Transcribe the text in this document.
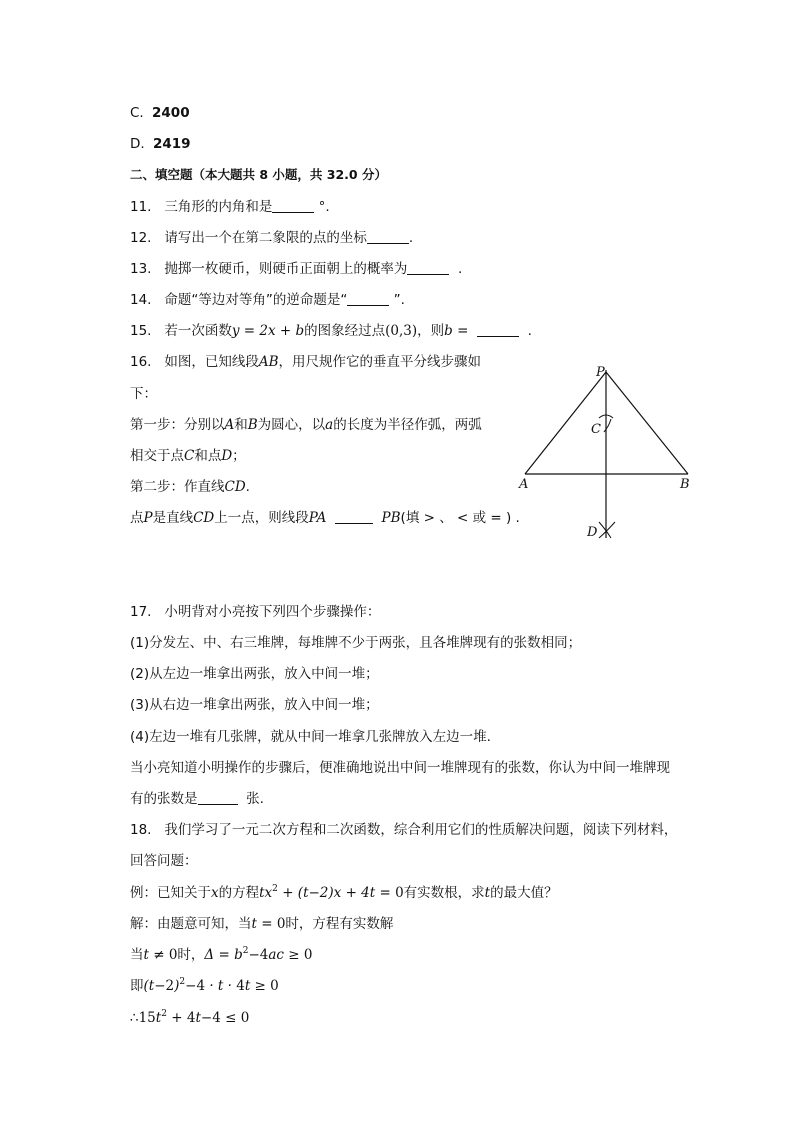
C. 2400
D. 2419
二、填空题（本大题共 8 小题，共 32.0 分）
11. 三角形的内角和是	°.
12. 请写出一个在第二象限的点的坐标	.
13. 抛掷一枚硬币，则硬币正面朝上的概率为	.
14. 命题“等边对等角”的逆命题是“	”.
15. 若一次函数y = 2x + b的图象经过点(0,3)，则b =	.
16. 如图，已知线段AB，用尺规作它的垂直平分线步骤如
下：
第一步：分别以A和B为圆心，以a的长度为半径作弧，两弧
相交于点C和点D；
第二步：作直线CD.
点P是直线CD上一点，则线段PA	PB(填 > 、 < 或 = ) .
P
C
A	B
D
17. 小明背对小亮按下列四个步骤操作：
(1)分发左、中、右三堆牌，每堆牌不少于两张，且各堆牌现有的张数相同；
(2)从左边一堆拿出两张，放入中间一堆；
(3)从右边一堆拿出两张，放入中间一堆；
(4)左边一堆有几张牌，就从中间一堆拿几张牌放入左边一堆.
当小亮知道小明操作的步骤后，便准确地说出中间一堆牌现有的张数，你认为中间一堆牌现
有的张数是	张.
18. 我们学习了一元二次方程和二次函数，综合利用它们的性质解决问题，阅读下列材料，
回答问题：
例：已知关于x的方程$tx^2 + (t-2)x + 4t = 0$有实数根，求t的最大值？
解：由题意可知，当t = 0时，方程有实数解
当t ≠ 0时，$\Delta = b^2-4ac \ge 0$
即$(t-2)^2-4 \cdot t \cdot 4t \ge 0$
$\therefore 15t^2 + 4t-4 \le 0$
